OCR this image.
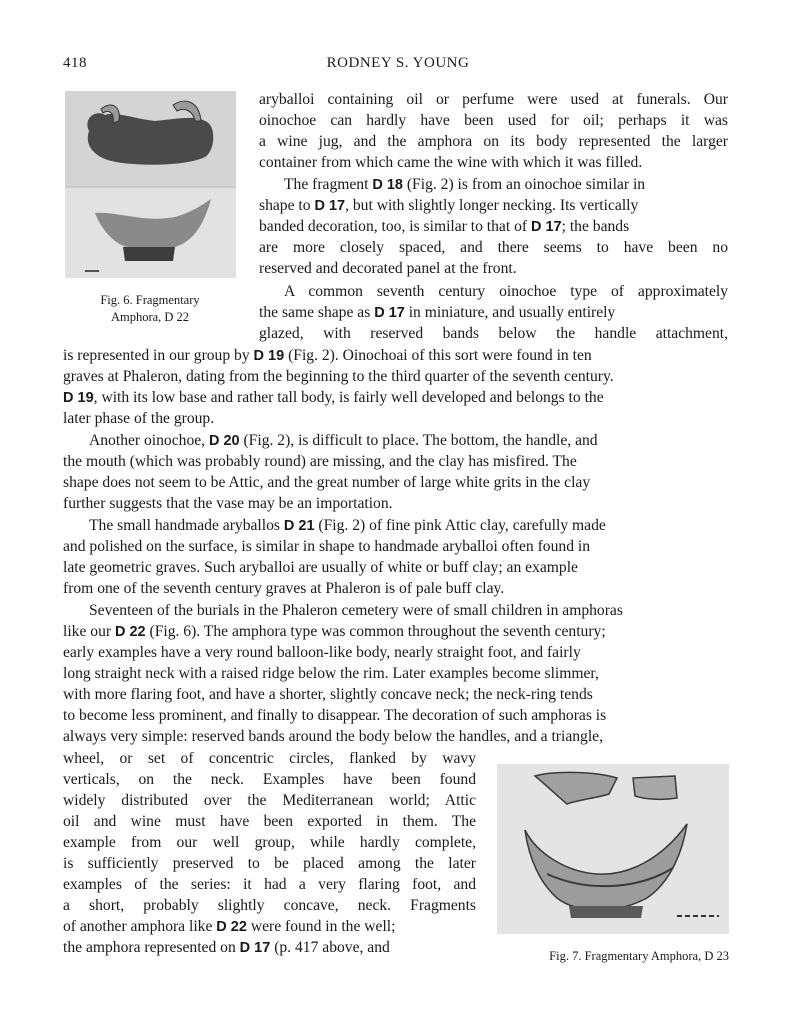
418	RODNEY S. YOUNG
Fig. 6. Fragmentary
Amphora, D 22
aryballoi containing oil or perfume were used at funerals. Our
oinochoe can hardly have been used for oil; perhaps it was
a wine jug, and the amphora on its body represented the larger
container from which came the wine with which it was filled.
The fragment D 18 (Fig. 2) is from an oinochoe similar in
shape to D 17, but with slightly longer necking. Its vertically
banded decoration, too, is similar to that of D 17; the bands
are more closely spaced, and there seems to have been no
reserved and decorated panel at the front.
A common seventh century oinochoe type of approximately
the same shape as D 17 in miniature, and usually entirely
glazed, with reserved bands below the handle attachment,
is represented in our group by D 19 (Fig. 2). Oinochoai of this sort were found in ten
graves at Phaleron, dating from the beginning to the third quarter of the seventh century.
D 19, with its low base and rather tall body, is fairly well developed and belongs to the
later phase of the group.
Another oinochoe, D 20 (Fig. 2), is difficult to place. The bottom, the handle, and
the mouth (which was probably round) are missing, and the clay has misfired. The
shape does not seem to be Attic, and the great number of large white grits in the clay
further suggests that the vase may be an importation.
The small handmade aryballos D 21 (Fig. 2) of fine pink Attic clay, carefully made
and polished on the surface, is similar in shape to handmade aryballoi often found in
late geometric graves. Such aryballoi are usually of white or buff clay; an example
from one of the seventh century graves at Phaleron is of pale buff clay.
Seventeen of the burials in the Phaleron cemetery were of small children in amphoras
like our D 22 (Fig. 6). The amphora type was common throughout the seventh century;
early examples have a very round balloon-like body, nearly straight foot, and fairly
long straight neck with a raised ridge below the rim. Later examples become slimmer,
with more flaring foot, and have a shorter, slightly concave neck; the neck-ring tends
to become less prominent, and finally to disappear. The decoration of such amphoras is
always very simple: reserved bands around the body below the handles, and a triangle,
wheel, or set of concentric circles, flanked by wavy
verticals, on the neck. Examples have been found
widely distributed over the Mediterranean world; Attic
oil and wine must have been exported in them. The
example from our well group, while hardly complete,
is sufficiently preserved to be placed among the later
examples of the series: it had a very flaring foot, and
a short, probably slightly concave, neck. Fragments
of another amphora like D 22 were found in the well;
the amphora represented on D 17 (p. 417 above, and	Fig. 7. Fragmentary Amphora, D 23
